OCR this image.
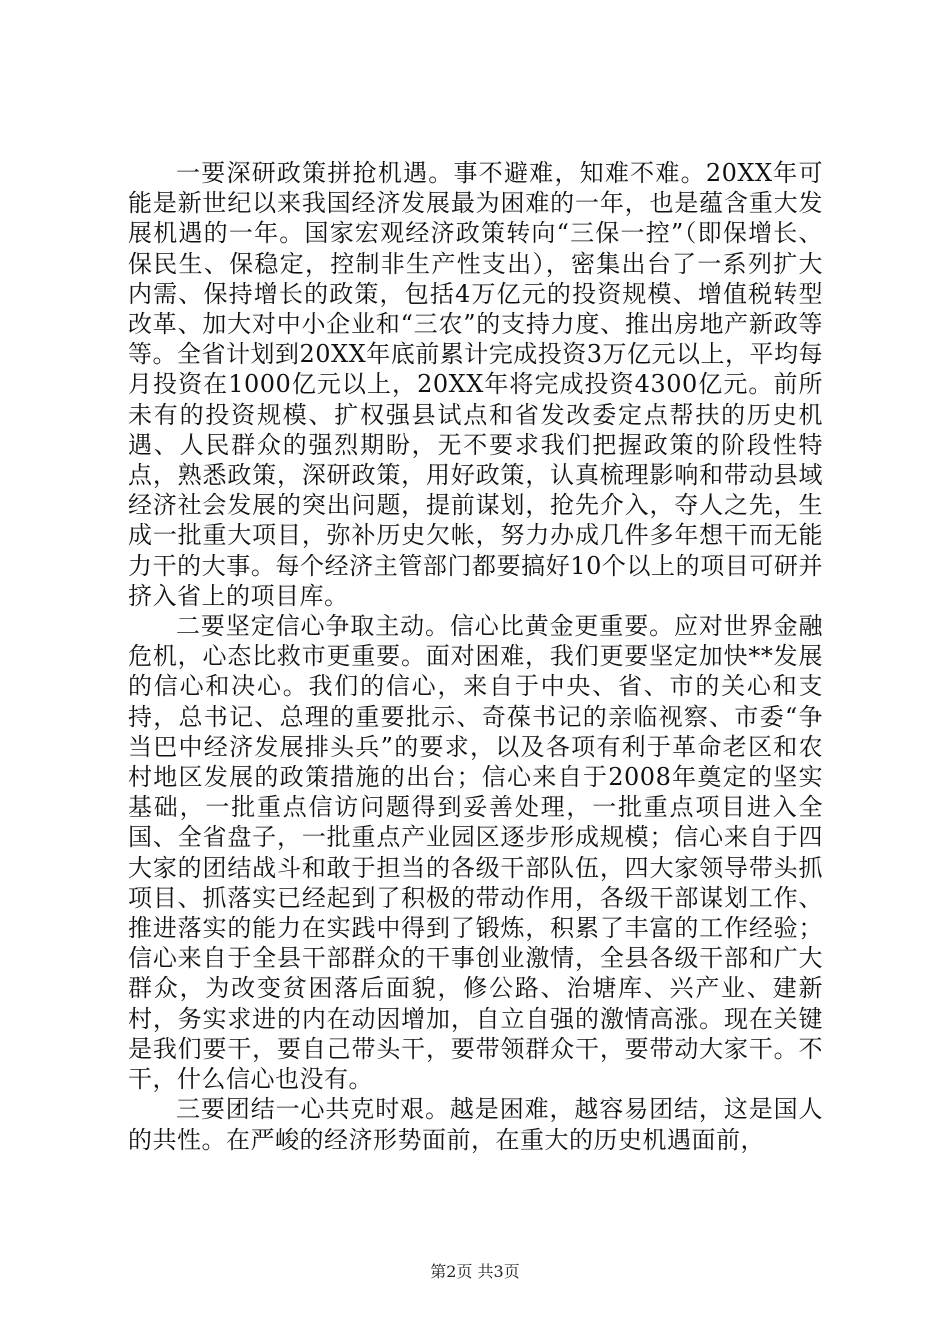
一要深研政策拼抢机遇。事不避难，知难不难。20XX年可能是新世纪以来我国经济发展最为困难的一年，也是蕴含重大发展机遇的一年。国家宏观经济政策转向“三保一控”（即保增长、保民生、保稳定，控制非生产性支出），密集出台了一系列扩大内需、保持增长的政策，包括4万亿元的投资规模、增值税转型改革、加大对中小企业和“三农”的支持力度、推出房地产新政等等。全省计划到20XX年底前累计完成投资3万亿元以上，平均每月投资在1000亿元以上，20XX年将完成投资4300亿元。前所未有的投资规模、扩权强县试点和省发改委定点帮扶的历史机遇、人民群众的强烈期盼，无不要求我们把握政策的阶段性特点，熟悉政策，深研政策，用好政策，认真梳理影响和带动县域经济社会发展的突出问题，提前谋划，抢先介入，夺人之先，生成一批重大项目，弥补历史欠帐，努力办成几件多年想干而无能力干的大事。每个经济主管部门都要搞好10个以上的项目可研并挤入省上的项目库。

二要坚定信心争取主动。信心比黄金更重要。应对世界金融危机，心态比救市更重要。面对困难，我们更要坚定加快**发展的信心和决心。我们的信心，来自于中央、省、市的关心和支持，总书记、总理的重要批示、奇葆书记的亲临视察、市委“争当巴中经济发展排头兵”的要求，以及各项有利于革命老区和农村地区发展的政策措施的出台；信心来自于2008年奠定的坚实基础，一批重点信访问题得到妥善处理，一批重点项目进入全国、全省盘子，一批重点产业园区逐步形成规模；信心来自于四大家的团结战斗和敢于担当的各级干部队伍，四大家领导带头抓项目、抓落实已经起到了积极的带动作用，各级干部谋划工作、推进落实的能力在实践中得到了锻炼，积累了丰富的工作经验；信心来自于全县干部群众的干事创业激情，全县各级干部和广大群众，为改变贫困落后面貌，修公路、治塘库、兴产业、建新村，务实求进的内在动因增加，自立自强的激情高涨。现在关键是我们要干，要自己带头干，要带领群众干，要带动大家干。不干，什么信心也没有。

三要团结一心共克时艰。越是困难，越容易团结，这是国人的共性。在严峻的经济形势面前，在重大的历史机遇面前，

第2页 共3页
